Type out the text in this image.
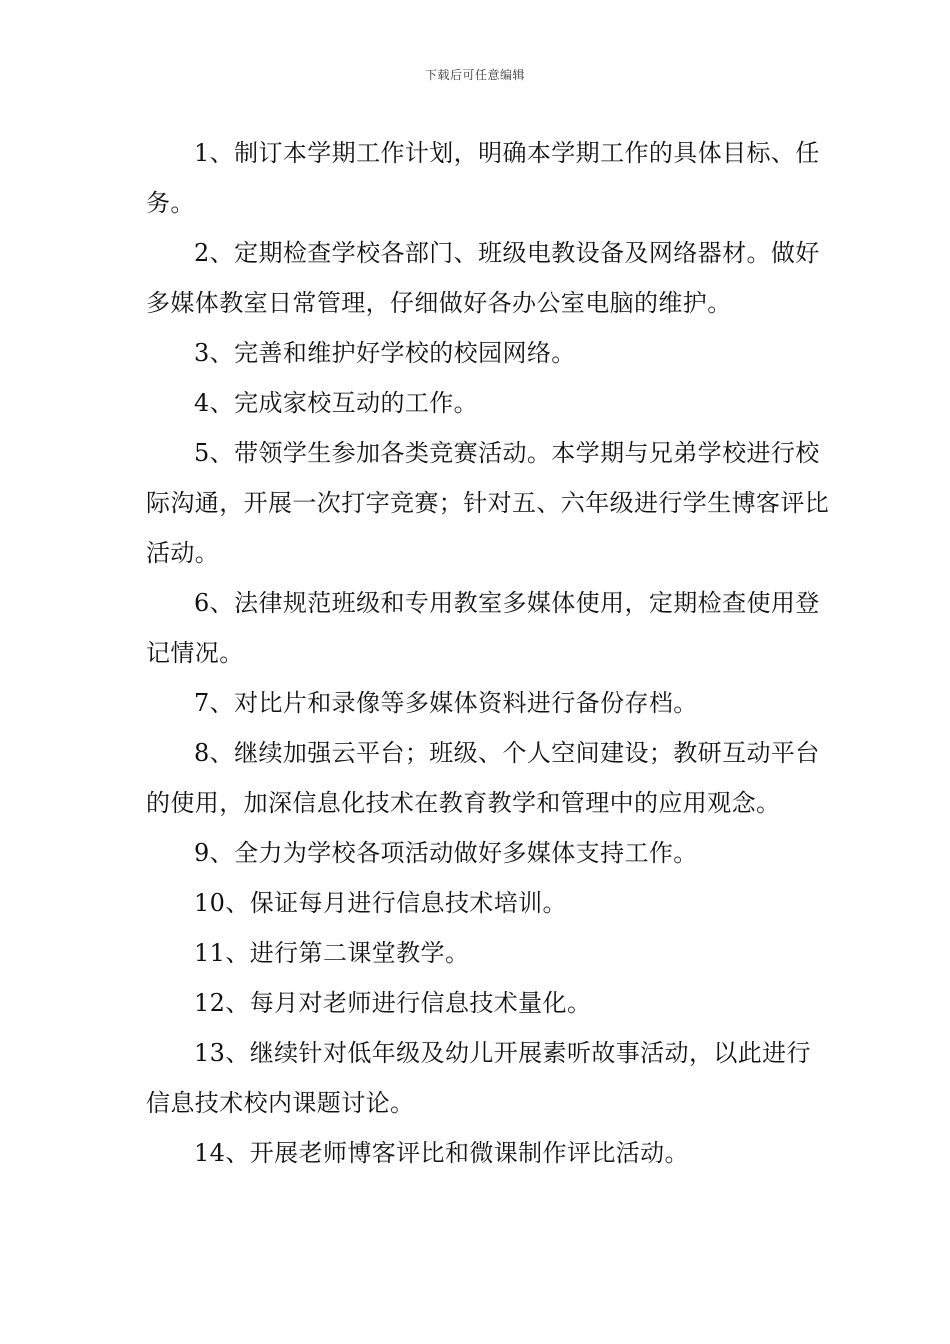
下载后可任意编辑

1、制订本学期工作计划，明确本学期工作的具体目标、任务。

2、定期检查学校各部门、班级电教设备及网络器材。做好多媒体教室日常管理，仔细做好各办公室电脑的维护。

3、完善和维护好学校的校园网络。

4、完成家校互动的工作。

5、带领学生参加各类竞赛活动。本学期与兄弟学校进行校际沟通，开展一次打字竞赛；针对五、六年级进行学生博客评比活动。

6、法律规范班级和专用教室多媒体使用，定期检查使用登记情况。

7、对比片和录像等多媒体资料进行备份存档。

8、继续加强云平台；班级、个人空间建设；教研互动平台的使用，加深信息化技术在教育教学和管理中的应用观念。

9、全力为学校各项活动做好多媒体支持工作。

10、保证每月进行信息技术培训。

11、进行第二课堂教学。

12、每月对老师进行信息技术量化。

13、继续针对低年级及幼儿开展素听故事活动，以此进行信息技术校内课题讨论。

14、开展老师博客评比和微课制作评比活动。
